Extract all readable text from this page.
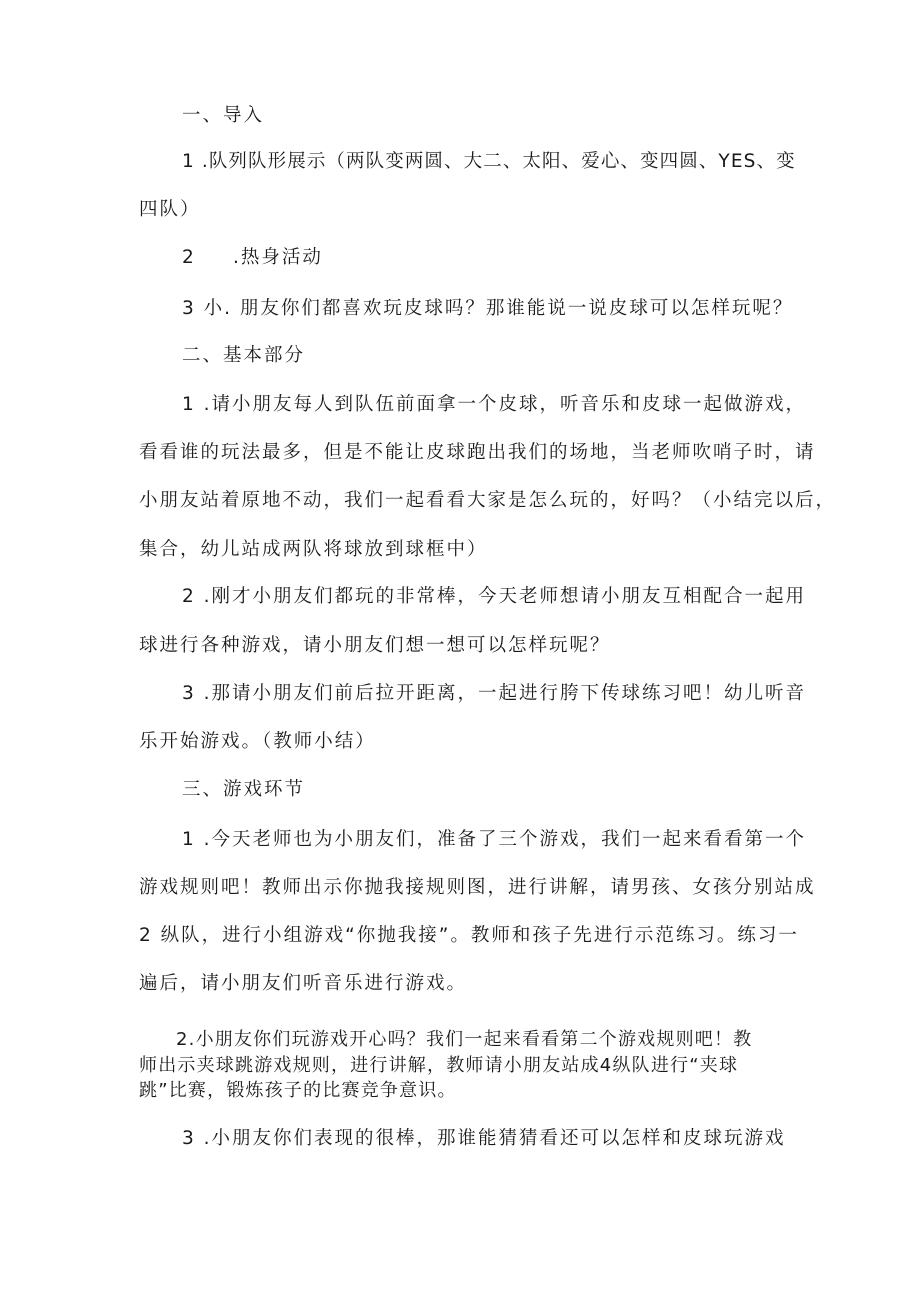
一、导入
1 .队列队形展示（两队变两圆、大二、太阳、爱心、变四圆、YES、变
四队）
2 .热身活动
3 小. 朋友你们都喜欢玩皮球吗？那谁能说一说皮球可以怎样玩呢？
二、基本部分
1 .请小朋友每人到队伍前面拿一个皮球，听音乐和皮球一起做游戏，
看看谁的玩法最多，但是不能让皮球跑出我们的场地，当老师吹哨子时，请
小朋友站着原地不动，我们一起看看大家是怎么玩的，好吗？（小结完以后，
集合，幼儿站成两队将球放到球框中）
2 .刚才小朋友们都玩的非常棒，今天老师想请小朋友互相配合一起用
球进行各种游戏，请小朋友们想一想可以怎样玩呢？
3 .那请小朋友们前后拉开距离，一起进行胯下传球练习吧！幼儿听音
乐开始游戏。（教师小结）
三、游戏环节
1 .今天老师也为小朋友们，准备了三个游戏，我们一起来看看第一个
游戏规则吧！教师出示你抛我接规则图，进行讲解，请男孩、女孩分别站成
2 纵队，进行小组游戏“你抛我接”。教师和孩子先进行示范练习。练习一
遍后，请小朋友们听音乐进行游戏。
2.小朋友你们玩游戏开心吗？我们一起来看看第二个游戏规则吧！教
师出示夹球跳游戏规则，进行讲解，教师请小朋友站成4纵队进行“夹球
跳”比赛，锻炼孩子的比赛竞争意识。
3 .小朋友你们表现的很棒，那谁能猜猜看还可以怎样和皮球玩游戏
